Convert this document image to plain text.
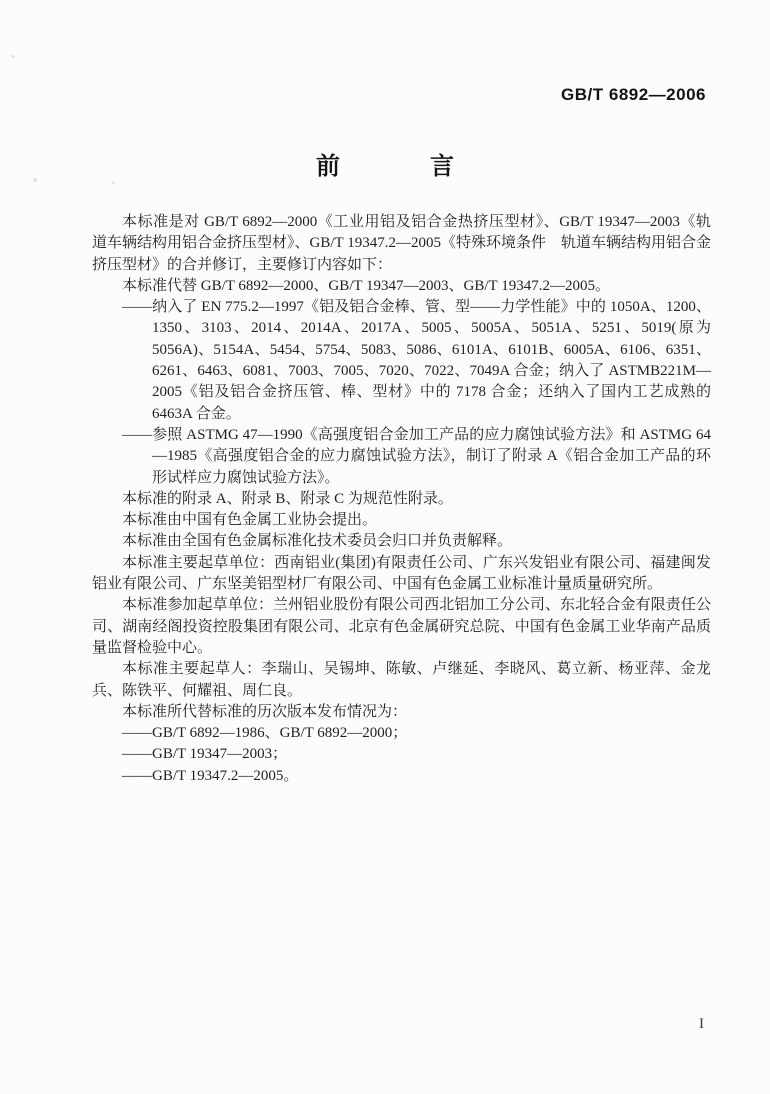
GB/T 6892—2006
前	言

本标准是对 GB/T 6892—2000《工业用铝及铝合金热挤压型材》、GB/T 19347—2003《轨道车辆结构用铝合金挤压型材》、GB/T 19347.2—2005《特殊环境条件　轨道车辆结构用铝合金挤压型材》的合并修订，主要修订内容如下：

本标准代替 GB/T 6892—2000、GB/T 19347—2003、GB/T 19347.2—2005。

——纳入了 EN 775.2—1997《铝及铝合金棒、管、型——力学性能》中的 1050A、1200、1350、3103、2014、2014A、2017A、5005、5005A、5051A、5251、5019(原为 5056A)、5154A、5454、5754、5083、5086、6101A、6101B、6005A、6106、6351、6261、6463、6081、7003、7005、7020、7022、7049A 合金；纳入了 ASTMB221M—2005《铝及铝合金挤压管、棒、型材》中的 7178 合金；还纳入了国内工艺成熟的 6463A 合金。

——参照 ASTMG 47—1990《高强度铝合金加工产品的应力腐蚀试验方法》和 ASTMG 64—1985《高强度铝合金的应力腐蚀试验方法》，制订了附录 A《铝合金加工产品的环形试样应力腐蚀试验方法》。

本标准的附录 A、附录 B、附录 C 为规范性附录。

本标准由中国有色金属工业协会提出。

本标准由全国有色金属标准化技术委员会归口并负责解释。

本标准主要起草单位：西南铝业(集团)有限责任公司、广东兴发铝业有限公司、福建闽发铝业有限公司、广东坚美铝型材厂有限公司、中国有色金属工业标准计量质量研究所。

本标准参加起草单位：兰州铝业股份有限公司西北铝加工分公司、东北轻合金有限责任公司、湖南经阁投资控股集团有限公司、北京有色金属研究总院、中国有色金属工业华南产品质量监督检验中心。

本标准主要起草人：李瑞山、吴锡坤、陈敏、卢继延、李晓风、葛立新、杨亚萍、金龙兵、陈铁平、何耀祖、周仁良。

本标准所代替标准的历次版本发布情况为：

——GB/T 6892—1986、GB/T 6892—2000；

——GB/T 19347—2003；

——GB/T 19347.2—2005。

I
